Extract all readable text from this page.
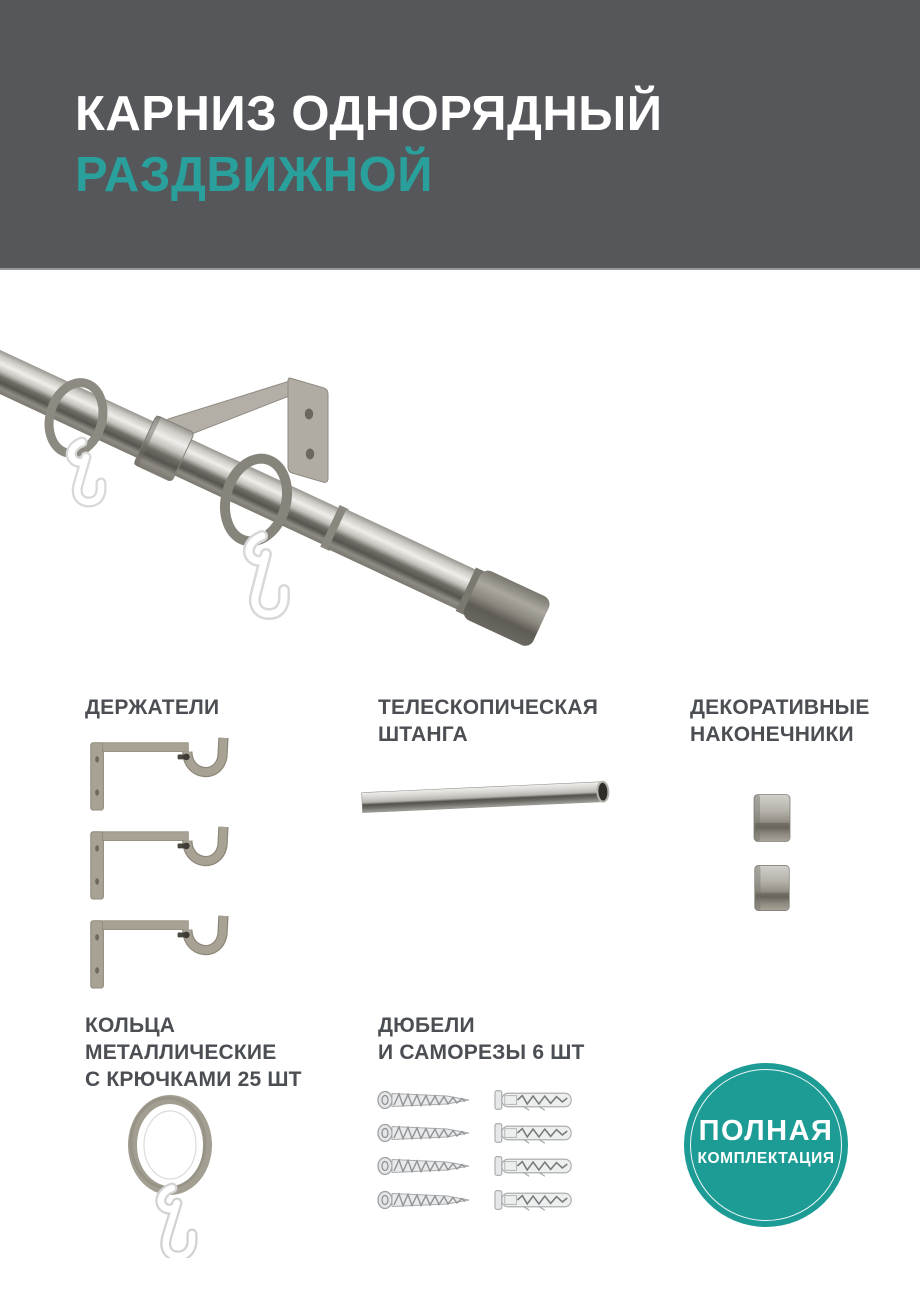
КАРНИЗ ОДНОРЯДНЫЙ
РАЗДВИЖНОЙ
ДЕРЖАТЕЛИ	ТЕЛЕСКОПИЧЕСКАЯ
ШТАНГА
ДЕКОРАТИВНЫЕ
НАКОНЕЧНИКИ
КОЛЬЦА
МЕТАЛЛИЧЕСКИЕ
С КРЮЧКАМИ 25 ШТ
ДЮБЕЛИ
И САМОРЕЗЫ 6 ШТ
ПОЛНАЯ
КОМПЛЕКТАЦИЯ
